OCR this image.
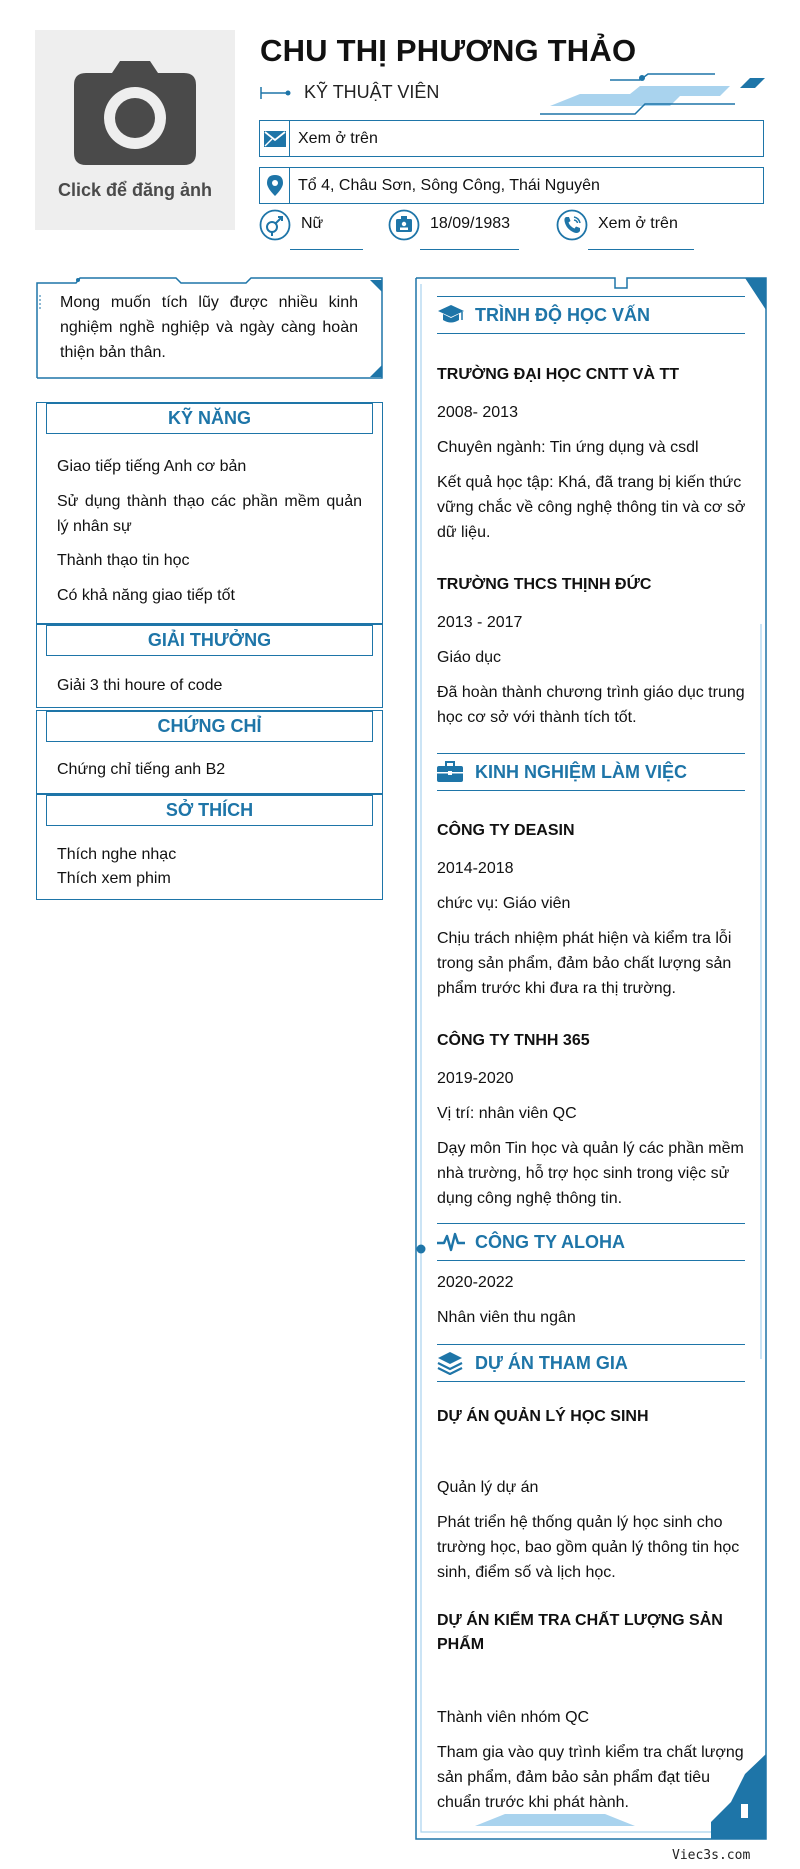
Click để đăng ảnh
CHU THỊ PHƯƠNG THẢO
KỸ THUẬT VIÊN
Xem ở trên
Tổ 4, Châu Sơn, Sông Công, Thái Nguyên
Nữ	18/09/1983	Xem ở trên
Mong muốn tích lũy được nhiều kinh nghiệm nghề nghiệp và ngày càng hoàn thiện bản thân.
KỸ NĂNG
Giao tiếp tiếng Anh cơ bản
Sử dụng thành thạo các phần mềm quản lý nhân sự
Thành thạo tin học
Có khả năng giao tiếp tốt
GIẢI THƯỞNG
Giải 3 thi houre of code
CHỨNG CHỈ
Chứng chỉ tiếng anh B2
SỞ THÍCH
Thích nghe nhạc
Thích xem phim
TRÌNH ĐỘ HỌC VẤN
TRƯỜNG ĐẠI HỌC CNTT VÀ TT
2008- 2013
Chuyên ngành: Tin ứng dụng và csdl
Kết quả học tập: Khá, đã trang bị kiến thức vững chắc về công nghệ thông tin và cơ sở dữ liệu.
TRƯỜNG THCS THỊNH ĐỨC
2013 - 2017
Giáo dục
Đã hoàn thành chương trình giáo dục trung học cơ sở với thành tích tốt.
KINH NGHIỆM LÀM VIỆC
CÔNG TY DEASIN
2014-2018
chức vụ: Giáo viên
Chịu trách nhiệm phát hiện và kiểm tra lỗi trong sản phẩm, đảm bảo chất lượng sản phẩm trước khi đưa ra thị trường.
CÔNG TY TNHH 365
2019-2020
Vị trí: nhân viên QC
Dạy môn Tin học và quản lý các phần mềm nhà trường, hỗ trợ học sinh trong việc sử dụng công nghệ thông tin.
CÔNG TY ALOHA
2020-2022
Nhân viên thu ngân
DỰ ÁN THAM GIA
DỰ ÁN QUẢN LÝ HỌC SINH
Quản lý dự án
Phát triển hệ thống quản lý học sinh cho trường học, bao gồm quản lý thông tin học sinh, điểm số và lịch học.
DỰ ÁN KIỂM TRA CHẤT LƯỢNG SẢN PHẨM
Thành viên nhóm QC
Tham gia vào quy trình kiểm tra chất lượng sản phẩm, đảm bảo sản phẩm đạt tiêu chuẩn trước khi phát hành.
Viec3s.com
